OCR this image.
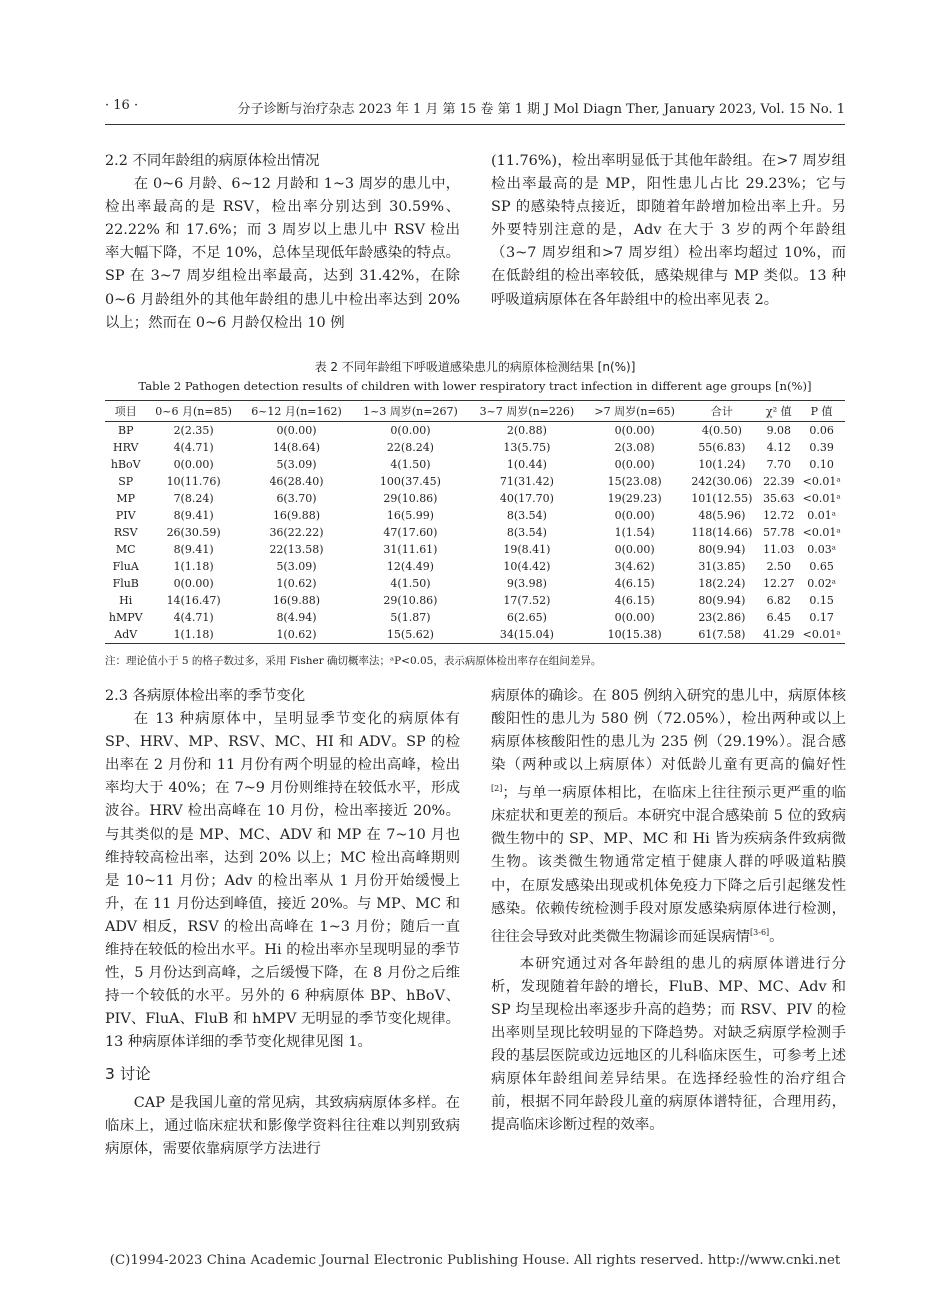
· 16 ·	分子诊断与治疗杂志 2023 年 1 月 第 15 卷 第 1 期 J Mol Diagn Ther, January 2023, Vol. 15 No. 1
2.2 不同年龄组的病原体检出情况

在 0~6 月龄、6~12 月龄和 1~3 周岁的患儿中，检出率最高的是 RSV，检出率分别达到 30.59%、22.22% 和 17.6%；而 3 周岁以上患儿中 RSV 检出率大幅下降，不足 10%，总体呈现低年龄感染的特点。SP 在 3~7 周岁组检出率最高，达到 31.42%，在除 0~6 月龄组外的其他年龄组的患儿中检出率达到 20% 以上；然而在 0~6 月龄仅检出 10 例

(11.76%)，检出率明显低于其他年龄组。在>7 周岁组检出率最高的是 MP，阳性患儿占比 29.23%；它与 SP 的感染特点接近，即随着年龄增加检出率上升。另外要特别注意的是，Adv 在大于 3 岁的两个年龄组（3~7 周岁组和>7 周岁组）检出率均超过 10%，而在低龄组的检出率较低，感染规律与 MP 类似。13 种呼吸道病原体在各年龄组中的检出率见表 2。

表 2 不同年龄组下呼吸道感染患儿的病原体检测结果 [n(%)]
Table 2 Pathogen detection results of children with lower respiratory tract infection in different age groups [n(%)]
项目	0~6 月(n=85)	6~12 月(n=162)	1~3 周岁(n=267)	3~7 周岁(n=226)	>7 周岁(n=65)	合计	χ² 值	P 值
BP	2(2.35)	0(0.00)	0(0.00)	2(0.88)	0(0.00)	4(0.50)	9.08	0.06
HRV	4(4.71)	14(8.64)	22(8.24)	13(5.75)	2(3.08)	55(6.83)	4.12	0.39
hBoV	0(0.00)	5(3.09)	4(1.50)	1(0.44)	0(0.00)	10(1.24)	7.70	0.10
SP	10(11.76)	46(28.40)	100(37.45)	71(31.42)	15(23.08)	242(30.06)	22.39	<0.01ᵃ
MP	7(8.24)	6(3.70)	29(10.86)	40(17.70)	19(29.23)	101(12.55)	35.63	<0.01ᵃ
PIV	8(9.41)	16(9.88)	16(5.99)	8(3.54)	0(0.00)	48(5.96)	12.72	0.01ᵃ
RSV	26(30.59)	36(22.22)	47(17.60)	8(3.54)	1(1.54)	118(14.66)	57.78	<0.01ᵃ
MC	8(9.41)	22(13.58)	31(11.61)	19(8.41)	0(0.00)	80(9.94)	11.03	0.03ᵃ
FluA	1(1.18)	5(3.09)	12(4.49)	10(4.42)	3(4.62)	31(3.85)	2.50	0.65
FluB	0(0.00)	1(0.62)	4(1.50)	9(3.98)	4(6.15)	18(2.24)	12.27	0.02ᵃ
Hi	14(16.47)	16(9.88)	29(10.86)	17(7.52)	4(6.15)	80(9.94)	6.82	0.15
hMPV	4(4.71)	8(4.94)	5(1.87)	6(2.65)	0(0.00)	23(2.86)	6.45	0.17
AdV	1(1.18)	1(0.62)	15(5.62)	34(15.04)	10(15.38)	61(7.58)	41.29	<0.01ᵃ
注：理论值小于 5 的格子数过多，采用 Fisher 确切概率法；ᵃP<0.05，表示病原体检出率存在组间差异。
2.3 各病原体检出率的季节变化

在 13 种病原体中，呈明显季节变化的病原体有 SP、HRV、MP、RSV、MC、HI 和 ADV。SP 的检出率在 2 月份和 11 月份有两个明显的检出高峰，检出率均大于 40%；在 7~9 月份则维持在较低水平，形成波谷。HRV 检出高峰在 10 月份，检出率接近 20%。与其类似的是 MP、MC、ADV 和 MP 在 7~10 月也维持较高检出率，达到 20% 以上；MC 检出高峰期则是 10~11 月份；Adv 的检出率从 1 月份开始缓慢上升，在 11 月份达到峰值，接近 20%。与 MP、MC 和 ADV 相反，RSV 的检出高峰在 1~3 月份；随后一直维持在较低的检出水平。Hi 的检出率亦呈现明显的季节性，5 月份达到高峰，之后缓慢下降，在 8 月份之后维持一个较低的水平。另外的 6 种病原体 BP、hBoV、PIV、FluA、FluB 和 hMPV 无明显的季节变化规律。13 种病原体详细的季节变化规律见图 1。

3 讨论

CAP 是我国儿童的常见病，其致病病原体多样。在临床上，通过临床症状和影像学资料往往难以判别致病病原体，需要依靠病原学方法进行

病原体的确诊。在 805 例纳入研究的患儿中，病原体核酸阳性的患儿为 580 例（72.05%），检出两种或以上病原体核酸阳性的患儿为 235 例（29.19%）。混合感染（两种或以上病原体）对低龄儿童有更高的偏好性[2]；与单一病原体相比，在临床上往往预示更严重的临床症状和更差的预后。本研究中混合感染前 5 位的致病微生物中的 SP、MP、MC 和 Hi 皆为疾病条件致病微生物。该类微生物通常定植于健康人群的呼吸道粘膜中，在原发感染出现或机体免疫力下降之后引起继发性感染。依赖传统检测手段对原发感染病原体进行检测，往往会导致对此类微生物漏诊而延误病情[3-6]。

本研究通过对各年龄组的患儿的病原体谱进行分析，发现随着年龄的增长，FluB、MP、MC、Adv 和 SP 均呈现检出率逐步升高的趋势；而 RSV、PIV 的检出率则呈现比较明显的下降趋势。对缺乏病原学检测手段的基层医院或边远地区的儿科临床医生，可参考上述病原体年龄组间差异结果。在选择经验性的治疗组合前，根据不同年龄段儿童的病原体谱特征，合理用药，提高临床诊断过程的效率。

(C)1994-2023 China Academic Journal Electronic Publishing House. All rights reserved. http://www.cnki.net
